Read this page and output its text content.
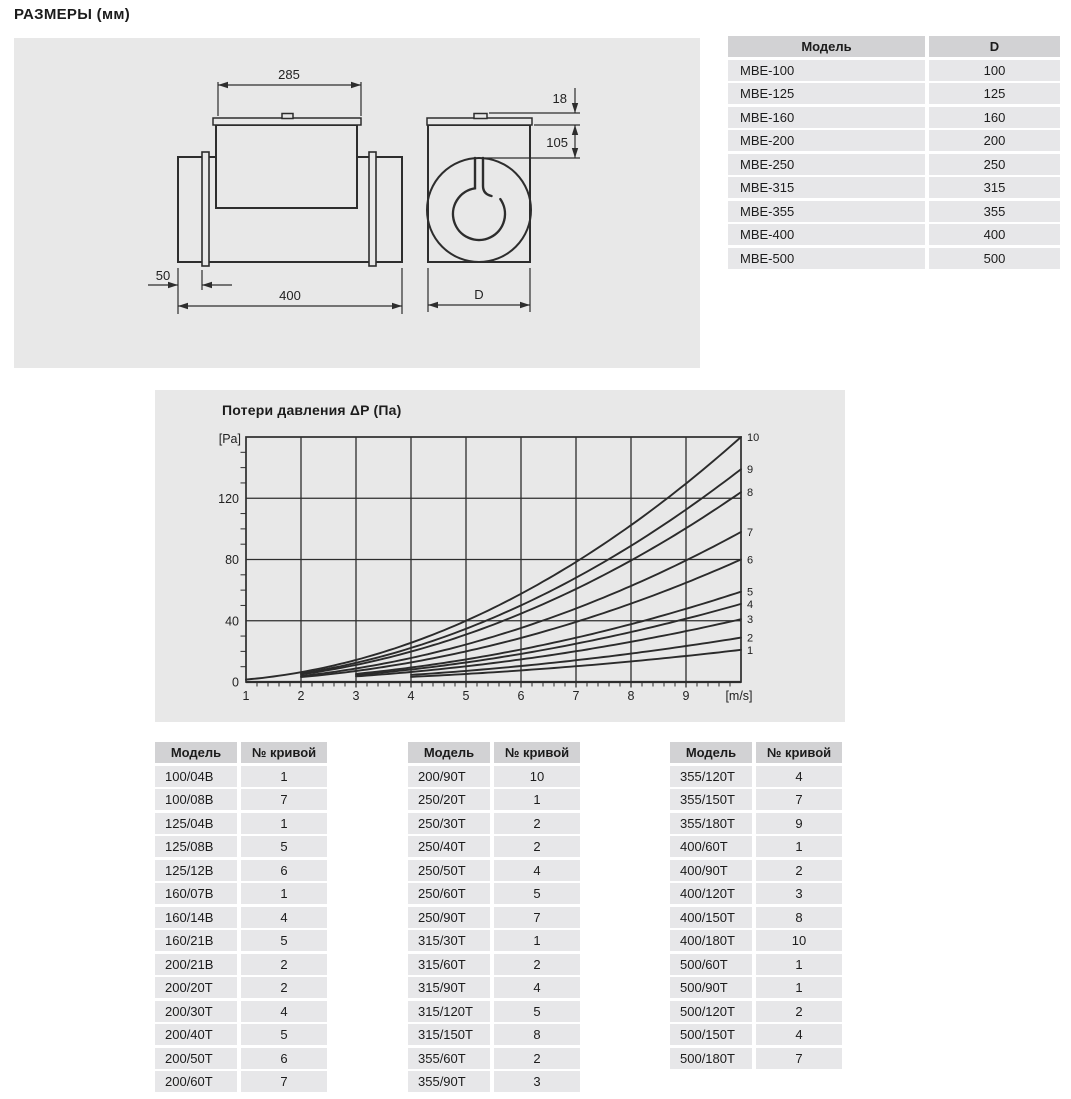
РАЗМЕРЫ (мм)
285
50
400
18
105
D
Модель	D
МВЕ-100	100
МВЕ-125	125
МВЕ-160	160
МВЕ-200	200
МВЕ-250	250
МВЕ-315	315
МВЕ-355	355
МВЕ-400	400
МВЕ-500	500
Потери давления ΔP (Па)
1
2
3
4
5
6
7
8
9
10
0
40
80
120
[Pa]
1	2	3	4	5	6	7	8	9	[m/s]
Модель	№ кривой
100/04В	1
100/08В	7
125/04В	1
125/08В	5
125/12В	6
160/07В	1
160/14В	4
160/21В	5
200/21В	2
200/20Т	2
200/30Т	4
200/40Т	5
200/50Т	6
200/60Т	7
Модель	№ кривой
200/90Т	10
250/20Т	1
250/30Т	2
250/40Т	2
250/50Т	4
250/60Т	5
250/90Т	7
315/30Т	1
315/60Т	2
315/90Т	4
315/120Т	5
315/150Т	8
355/60Т	2
355/90Т	3
Модель	№ кривой
355/120Т	4
355/150Т	7
355/180Т	9
400/60Т	1
400/90Т	2
400/120Т	3
400/150Т	8
400/180Т	10
500/60Т	1
500/90Т	1
500/120Т	2
500/150Т	4
500/180Т	7
